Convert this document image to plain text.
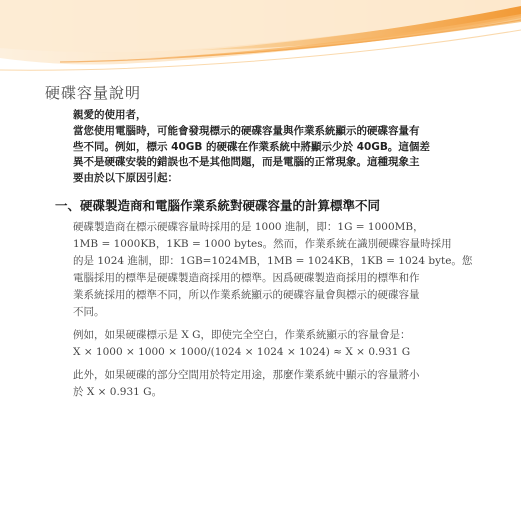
硬碟容量說明

親愛的使用者，
當您使用電腦時，可能會發現標示的硬碟容量與作業系統顯示的硬碟容量有
些不同。例如，標示 40GB 的硬碟在作業系統中將顯示少於 40GB。這個差
異不是硬碟安裝的錯誤也不是其他問題，而是電腦的正常現象。這種現象主
要由於以下原因引起：

一、硬碟製造商和電腦作業系統對硬碟容量的計算標準不同

硬碟製造商在標示硬碟容量時採用的是 1000 進制，即：1G = 1000MB，
1MB = 1000KB，1KB = 1000 bytes。然而，作業系統在識別硬碟容量時採用
的是 1024 進制，即：1GB=1024MB，1MB = 1024KB，1KB = 1024 byte。您
電腦採用的標準是硬碟製造商採用的標準。因爲硬碟製造商採用的標準和作
業系統採用的標準不同，所以作業系統顯示的硬碟容量會與標示的硬碟容量
不同。

例如，如果硬碟標示是 X G，即使完全空白，作業系統顯示的容量會是：
X × 1000 × 1000 × 1000/(1024 × 1024 × 1024) ≈ X × 0.931 G

此外，如果硬碟的部分空間用於特定用途，那麼作業系統中顯示的容量將小
於 X × 0.931 G。
